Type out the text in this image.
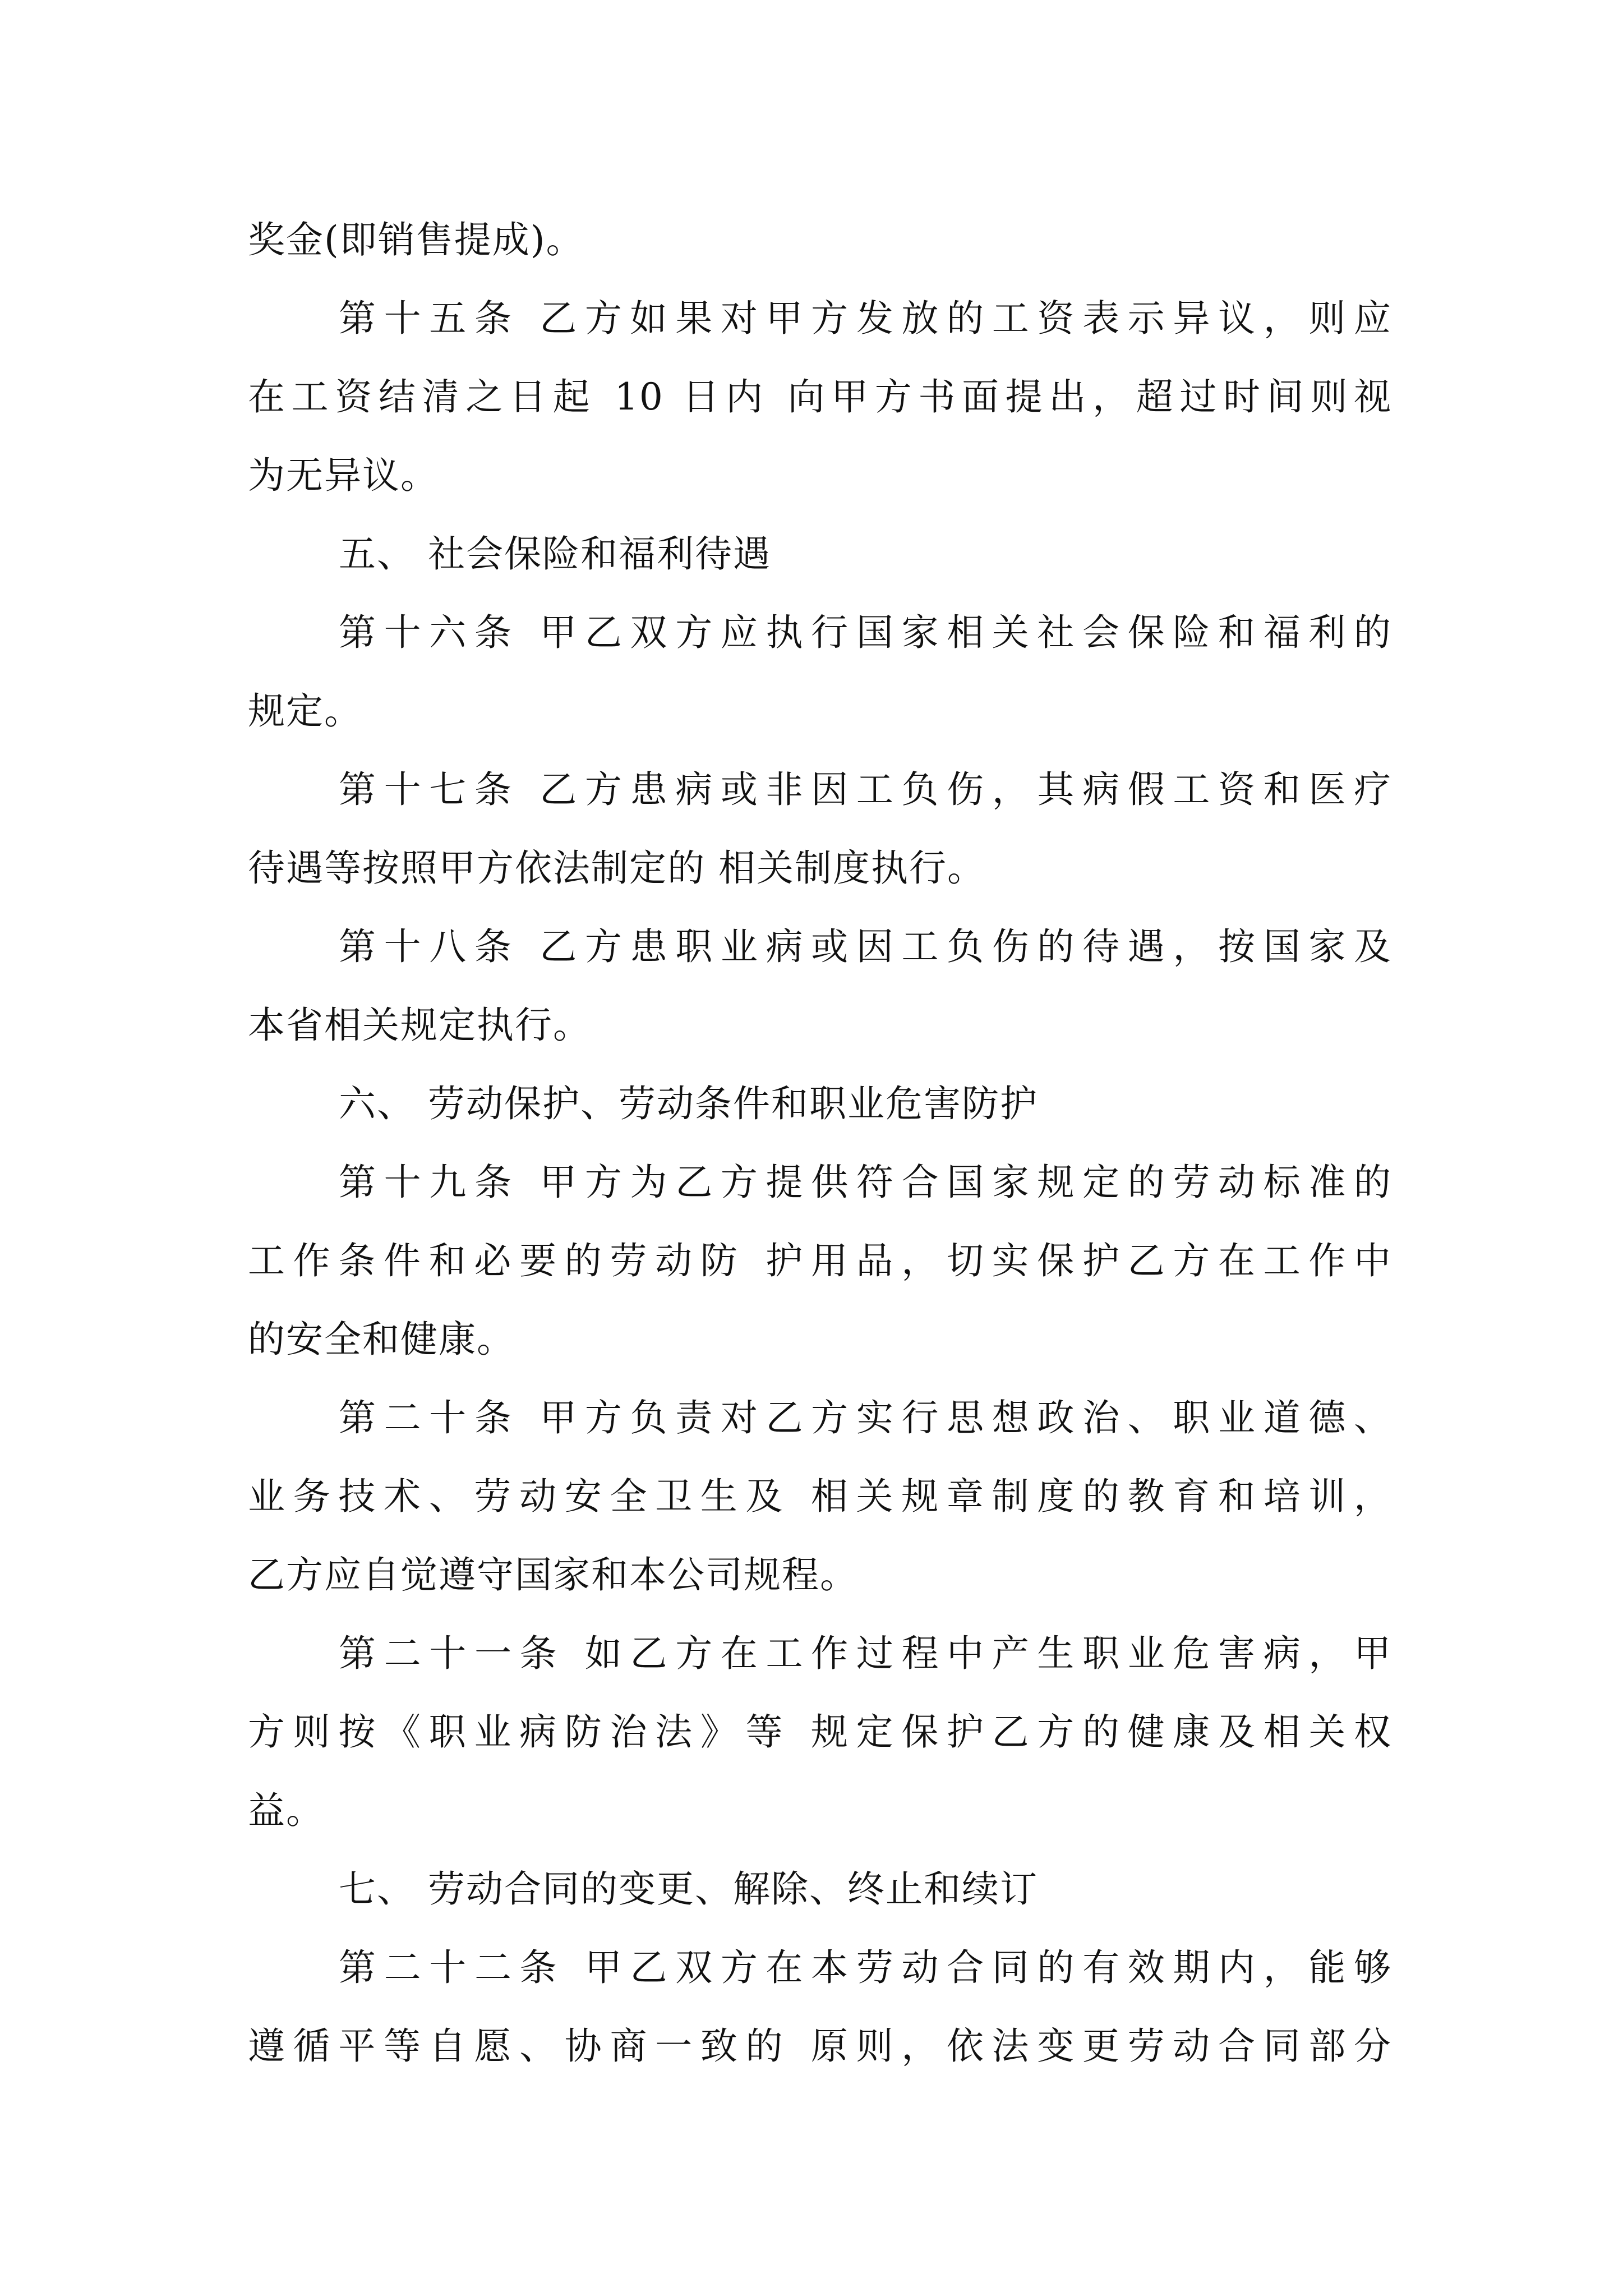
奖金(即销售提成)。
第十五条 乙方如果对甲方发放的工资表示异议，则应
在工资结清之日起 10 日内 向甲方书面提出，超过时间则视
为无异议。
五、 社会保险和福利待遇
第十六条 甲乙双方应执行国家相关社会保险和福利的
规定。
第十七条 乙方患病或非因工负伤，其病假工资和医疗
待遇等按照甲方依法制定的 相关制度执行。
第十八条 乙方患职业病或因工负伤的待遇，按国家及
本省相关规定执行。
六、 劳动保护、劳动条件和职业危害防护
第十九条 甲方为乙方提供符合国家规定的劳动标准的
工作条件和必要的劳动防 护用品，切实保护乙方在工作中
的安全和健康。
第二十条 甲方负责对乙方实行思想政治、职业道德、
业务技术、劳动安全卫生及 相关规章制度的教育和培训，
乙方应自觉遵守国家和本公司规程。
第二十一条 如乙方在工作过程中产生职业危害病，甲
方则按《职业病防治法》等 规定保护乙方的健康及相关权
益。
七、 劳动合同的变更、解除、终止和续订
第二十二条 甲乙双方在本劳动合同的有效期内，能够
遵循平等自愿、协商一致的 原则，依法变更劳动合同部分
